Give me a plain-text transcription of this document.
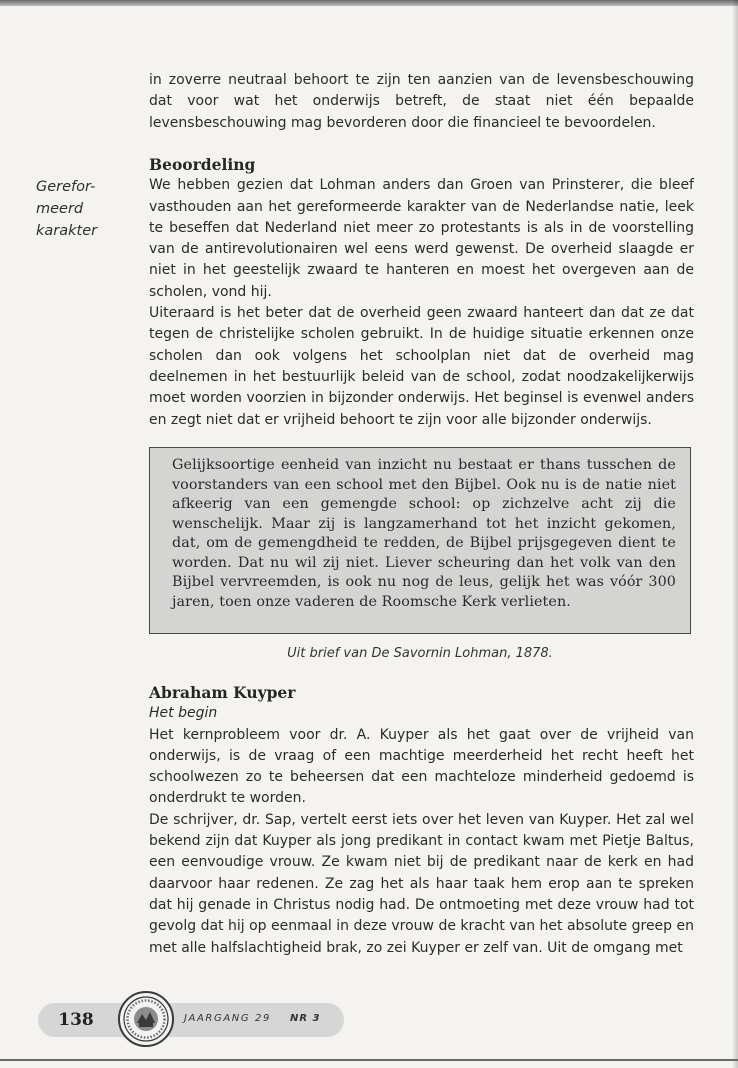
in zoverre neutraal behoort te zijn ten aanzien van de levensbeschouwing dat voor wat het onderwijs betreft, de staat niet één bepaalde levensbeschouwing mag bevorderen door die financieel te bevoordelen.

Gerefor-
meerd
karakter
Beoordeling

We hebben gezien dat Lohman anders dan Groen van Prinsterer, die bleef vasthouden aan het gereformeerde karakter van de Nederlandse natie, leek te beseffen dat Nederland niet meer zo protestants is als in de voorstelling van de antirevolutionairen wel eens werd gewenst. De overheid slaagde er niet in het geestelijk zwaard te hanteren en moest het overgeven aan de scholen, vond hij.

Uiteraard is het beter dat de overheid geen zwaard hanteert dan dat ze dat tegen de christelijke scholen gebruikt. In de huidige situatie erkennen onze scholen dan ook volgens het schoolplan niet dat de overheid mag deelnemen in het bestuurlijk beleid van de school, zodat noodzakelijkerwijs moet worden voorzien in bijzonder onderwijs. Het beginsel is evenwel anders en zegt niet dat er vrijheid behoort te zijn voor alle bijzonder onderwijs.

Gelijksoortige eenheid van inzicht nu bestaat er thans tusschen de voorstanders van een school met den Bijbel. Ook nu is de natie niet afkeerig van een gemengde school: op zichzelve acht zij die wenschelijk. Maar zij is langzamerhand tot het inzicht gekomen, dat, om de gemengdheid te redden, de Bijbel prijsgegeven dient te worden. Dat nu wil zij niet. Liever scheuring dan het volk van den Bijbel vervreemden, is ook nu nog de leus, gelijk het was vóór 300 jaren, toen onze vaderen de Roomsche Kerk verlieten.

Uit brief van De Savornin Lohman, 1878.
Abraham Kuyper
Het begin

Het kernprobleem voor dr. A. Kuyper als het gaat over de vrijheid van onderwijs, is de vraag of een machtige meerderheid het recht heeft het schoolwezen zo te beheersen dat een machteloze minderheid gedoemd is onderdrukt te worden.

De schrijver, dr. Sap, vertelt eerst iets over het leven van Kuyper. Het zal wel bekend zijn dat Kuyper als jong predikant in contact kwam met Pietje Baltus, een eenvoudige vrouw. Ze kwam niet bij de predikant naar de kerk en had daarvoor haar redenen. Ze zag het als haar taak hem erop aan te spreken dat hij genade in Christus nodig had. De ontmoeting met deze vrouw had tot gevolg dat hij op eenmaal in deze vrouw de kracht van het absolute greep en met alle halfslachtigheid brak, zo zei Kuyper er zelf van. Uit de omgang met

138	JAARGANG 29 NR 3
